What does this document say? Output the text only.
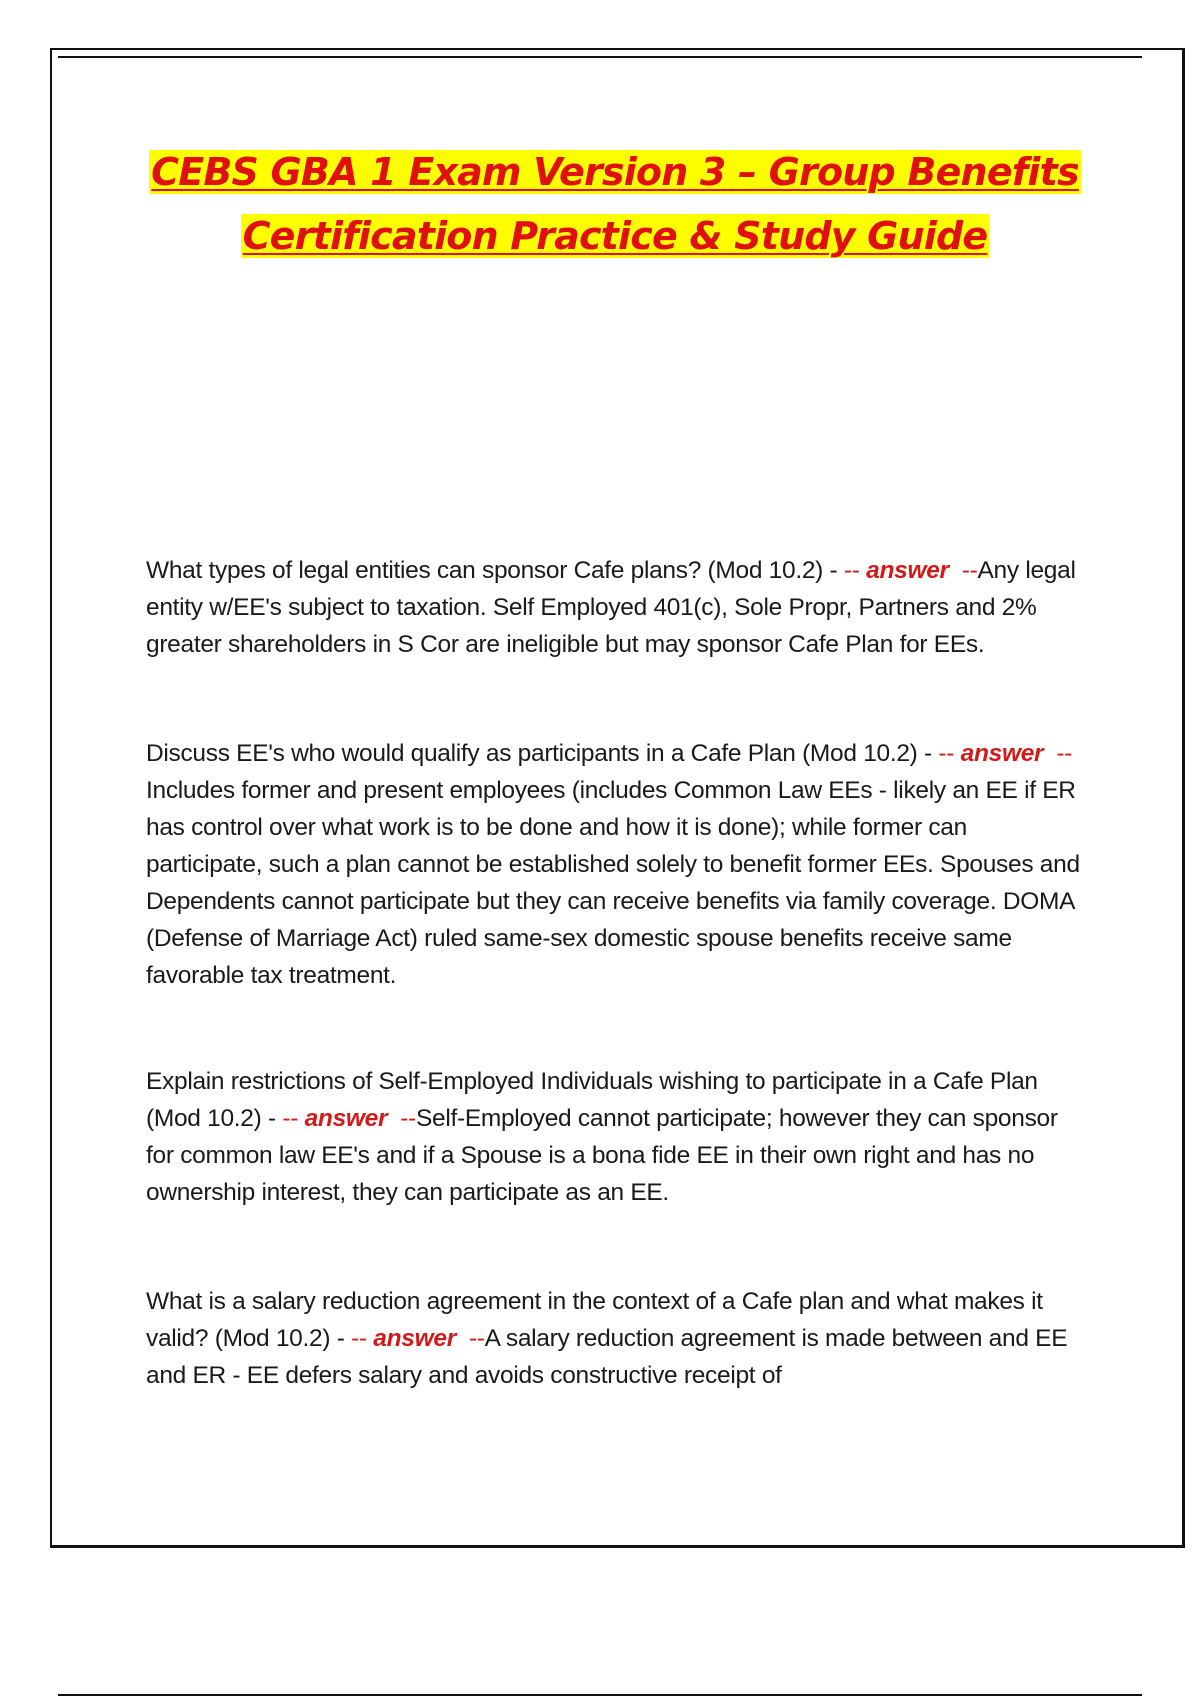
CEBS GBA 1 Exam Version 3 – Group Benefits
Certification Practice & Study Guide

What types of legal entities can sponsor Cafe plans? (Mod 10.2) - -- answer --Any legal entity w/EE's subject to taxation. Self Employed 401(c), Sole Propr, Partners and 2% greater shareholders in S Cor are ineligible but may sponsor Cafe Plan for EEs.

Discuss EE's who would qualify as participants in a Cafe Plan (Mod 10.2) - -- answer --Includes former and present employees (includes Common Law EEs - likely an EE if ER has control over what work is to be done and how it is done); while former can participate, such a plan cannot be established solely to benefit former EEs. Spouses and Dependents cannot participate but they can receive benefits via family coverage. DOMA (Defense of Marriage Act) ruled same-sex domestic spouse benefits receive same favorable tax treatment.

Explain restrictions of Self-Employed Individuals wishing to participate in a Cafe Plan (Mod 10.2) - -- answer --Self-Employed cannot participate; however they can sponsor for common law EE's and if a Spouse is a bona fide EE in their own right and has no ownership interest, they can participate as an EE.

What is a salary reduction agreement in the context of a Cafe plan and what makes it valid? (Mod 10.2) - -- answer --A salary reduction agreement is made between and EE and ER - EE defers salary and avoids constructive receipt of
